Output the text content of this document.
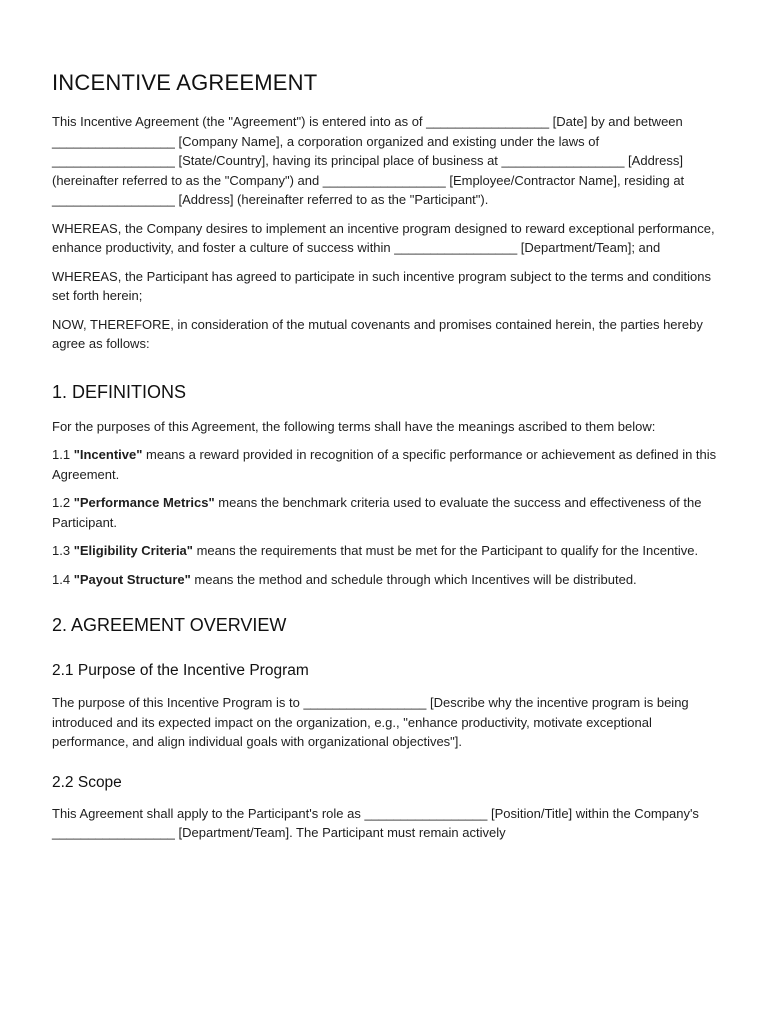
INCENTIVE AGREEMENT

This Incentive Agreement (the "Agreement") is entered into as of _________________ [Date] by and between _________________ [Company Name], a corporation organized and existing under the laws of _________________ [State/Country], having its principal place of business at _________________ [Address] (hereinafter referred to as the "Company") and _________________ [Employee/Contractor Name], residing at _________________ [Address] (hereinafter referred to as the "Participant").

WHEREAS, the Company desires to implement an incentive program designed to reward exceptional performance, enhance productivity, and foster a culture of success within _________________ [Department/Team]; and

WHEREAS, the Participant has agreed to participate in such incentive program subject to the terms and conditions set forth herein;

NOW, THEREFORE, in consideration of the mutual covenants and promises contained herein, the parties hereby agree as follows:

1. DEFINITIONS

For the purposes of this Agreement, the following terms shall have the meanings ascribed to them below:

1.1 "Incentive" means a reward provided in recognition of a specific performance or achievement as defined in this Agreement.

1.2 "Performance Metrics" means the benchmark criteria used to evaluate the success and effectiveness of the Participant.

1.3 "Eligibility Criteria" means the requirements that must be met for the Participant to qualify for the Incentive.

1.4 "Payout Structure" means the method and schedule through which Incentives will be distributed.

2. AGREEMENT OVERVIEW
2.1 Purpose of the Incentive Program

The purpose of this Incentive Program is to _________________ [Describe why the incentive program is being introduced and its expected impact on the organization, e.g., "enhance productivity, motivate exceptional performance, and align individual goals with organizational objectives"].

2.2 Scope

This Agreement shall apply to the Participant's role as _________________ [Position/Title] within the Company's _________________ [Department/Team]. The Participant must remain actively
